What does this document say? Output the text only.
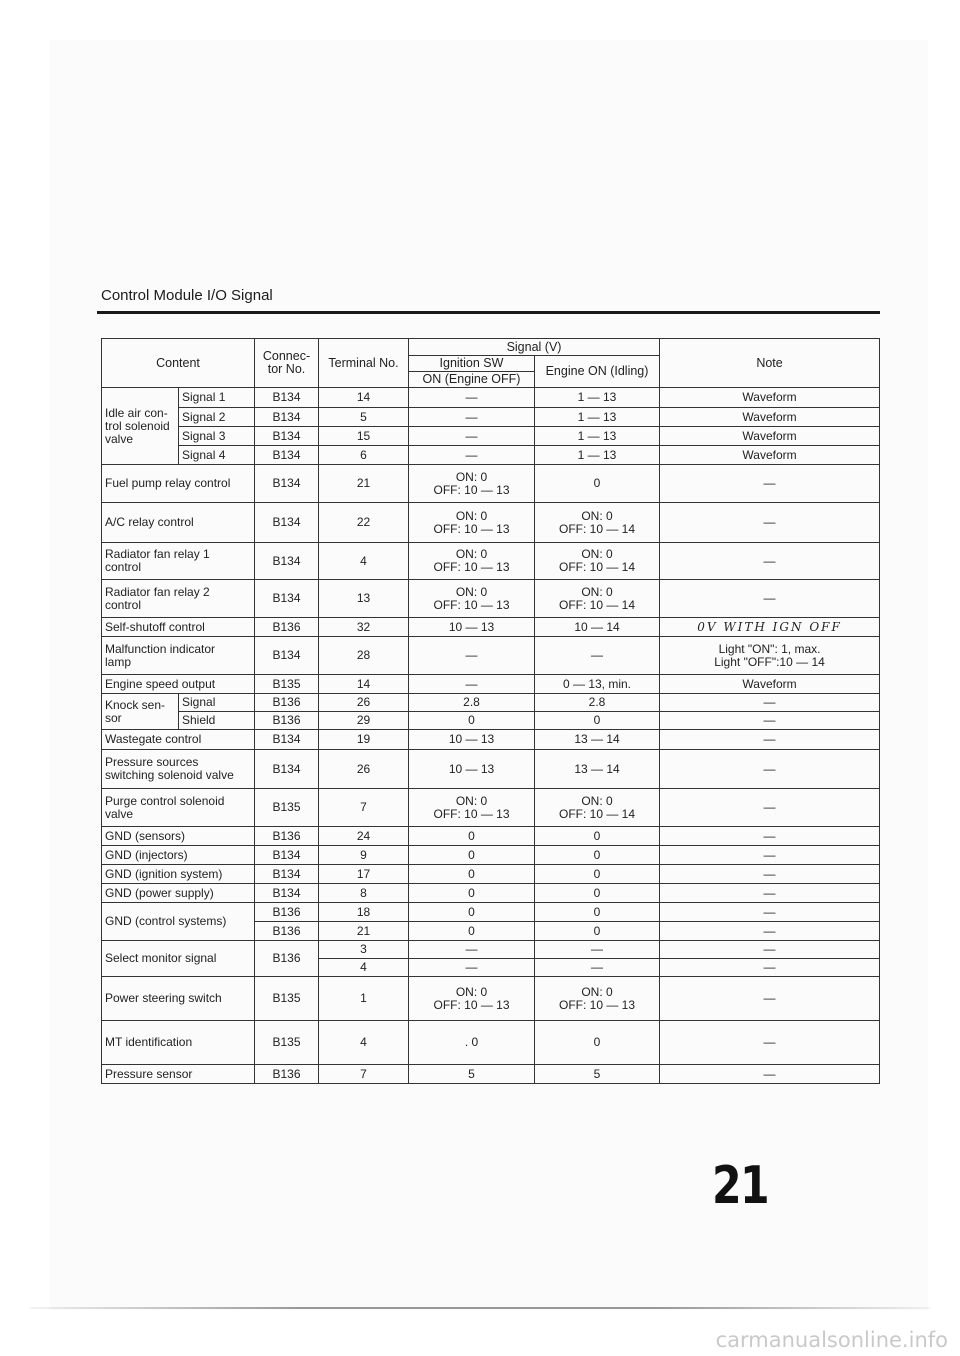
Control Module I/O Signal
Content		Connec-
tor No.	Terminal No.	Signal (V)		Note
				Ignition SW	Engine ON (Idling)	
				ON (Engine OFF)		
Idle air con-
trol solenoid
valve	Signal 1	B134	14	—	1 — 13	Waveform
	Signal 2	B134	5	—	1 — 13	Waveform
	Signal 3	B134	15	—	1 — 13	Waveform
	Signal 4	B134	6	—	1 — 13	Waveform
Fuel pump relay control		B134	21	ON: 0
OFF: 10 — 13	0	—
A/C relay control		B134	22	ON: 0
OFF: 10 — 13	ON: 0
OFF: 10 — 14	—
Radiator fan relay 1
control		B134	4	ON: 0
OFF: 10 — 13	ON: 0
OFF: 10 — 14	—
Radiator fan relay 2
control		B134	13	ON: 0
OFF: 10 — 13	ON: 0
OFF: 10 — 14	—
Self-shutoff control		B136	32	10 — 13	10 — 14	0V WITH IGN OFF
Malfunction indicator
lamp		B134	28	—	—	Light "ON": 1, max.
Light "OFF":10 — 14
Engine speed output		B135	14	—	0 — 13, min.	Waveform
Knock sen-
sor	Signal	B136	26	2.8	2.8	—
	Shield	B136	29	0	0	—
Wastegate control		B134	19	10 — 13	13 — 14	—
Pressure sources
switching solenoid valve		B134	26	10 — 13	13 — 14	—
Purge control solenoid
valve		B135	7	ON: 0
OFF: 10 — 13	ON: 0
OFF: 10 — 14	—
GND (sensors)		B136	24	0	0	—
GND (injectors)		B134	9	0	0	—
GND (ignition system)		B134	17	0	0	—
GND (power supply)		B134	8	0	0	—
GND (control systems)		B136	18	0	0	—
		B136	21	0	0	—
Select monitor signal		B136	3	—	—	—
			4	—	—	—
Power steering switch		B135	1	ON: 0
OFF: 10 — 13	ON: 0
OFF: 10 — 13	—
MT identification		B135	4	. 0	0	—
Pressure sensor		B136	7	5	5	—
21
carmanualsonline.info
